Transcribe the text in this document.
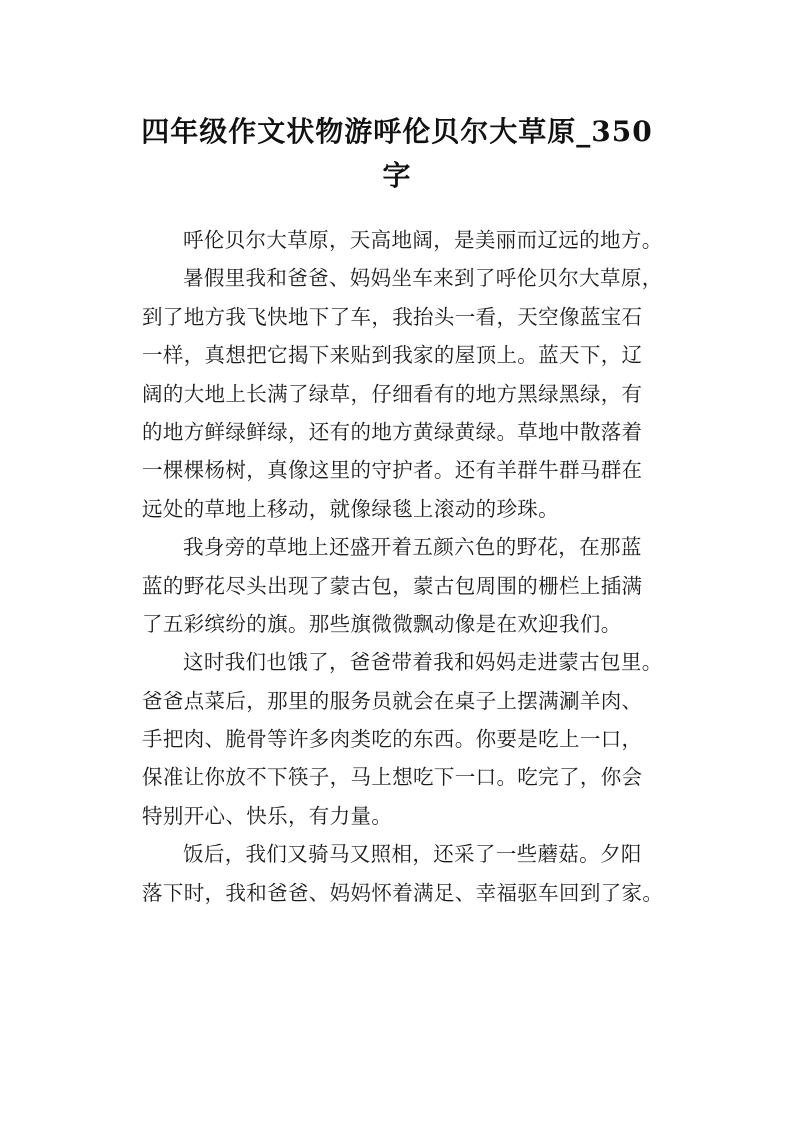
四年级作文状物游呼伦贝尔大草原_350
字
呼伦贝尔大草原，天高地阔，是美丽而辽远的地方。
暑假里我和爸爸、妈妈坐车来到了呼伦贝尔大草原，
到了地方我飞快地下了车，我抬头一看，天空像蓝宝石
一样，真想把它揭下来贴到我家的屋顶上。蓝天下，辽
阔的大地上长满了绿草，仔细看有的地方黑绿黑绿，有
的地方鲜绿鲜绿，还有的地方黄绿黄绿。草地中散落着
一棵棵杨树，真像这里的守护者。还有羊群牛群马群在
远处的草地上移动，就像绿毯上滚动的珍珠。
我身旁的草地上还盛开着五颜六色的野花，在那蓝
蓝的野花尽头出现了蒙古包，蒙古包周围的栅栏上插满
了五彩缤纷的旗。那些旗微微飘动像是在欢迎我们。
这时我们也饿了，爸爸带着我和妈妈走进蒙古包里。
爸爸点菜后，那里的服务员就会在桌子上摆满涮羊肉、
手把肉、脆骨等许多肉类吃的东西。你要是吃上一口，
保准让你放不下筷子，马上想吃下一口。吃完了，你会
特别开心、快乐，有力量。
饭后，我们又骑马又照相，还采了一些蘑菇。夕阳
落下时，我和爸爸、妈妈怀着满足、幸福驱车回到了家。
